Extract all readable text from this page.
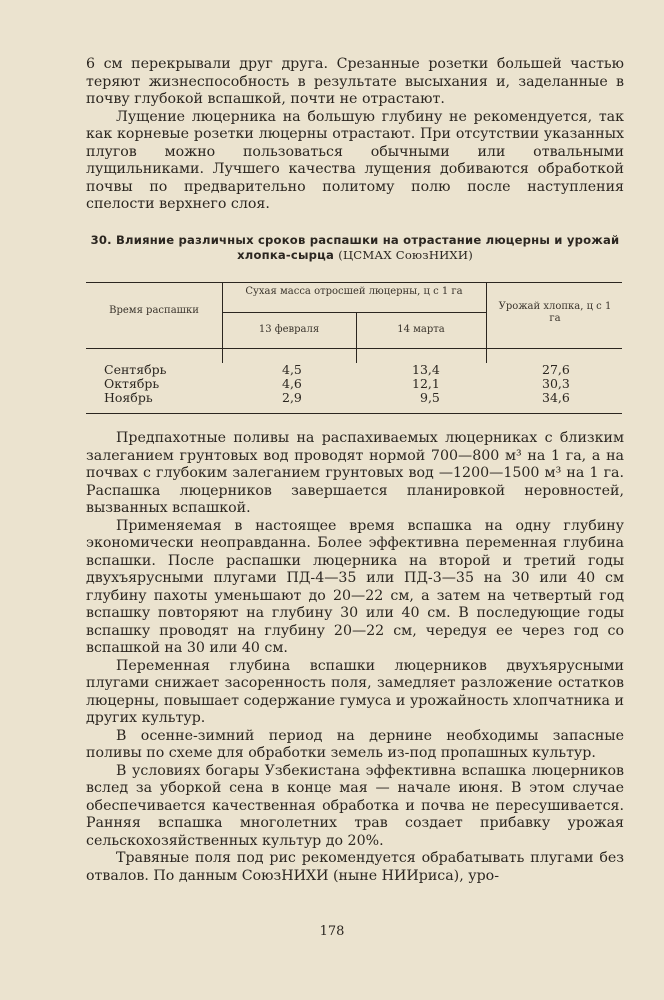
6 см перекрывали друг друга. Срезанные розетки большей частью теряют жизнеспособность в результате высыхания и, заделанные в почву глубокой вспашкой, почти не отрастают.

Лущение люцерника на большую глубину не рекомендуется, так как корневые розетки люцерны отрастают. При отсутствии указанных плугов можно пользоваться обычными или отвальными лущильниками. Лучшего качества лущения добиваются обработкой почвы по предварительно политому полю после наступления спелости верхнего слоя.

30. Влияние различных сроков распашки на отрастание люцерны и урожай хлопка-сырца (ЦСМАХ СоюзНИХИ)
Время распашки
Сухая масса отросшей люцерны, ц с 1 га
13 февраля	14 марта
Урожай хлопка, ц с 1 га
Сентябрь
Октябрь
Ноябрь
4,5
4,6
2,9
13,4
12,1
9,5
27,6
30,3
34,6

Предпахотные поливы на распахиваемых люцерниках с близким залеганием грунтовых вод проводят нормой 700—800 м³ на 1 га, а на почвах с глубоким залеганием грунтовых вод —1200—1500 м³ на 1 га. Распашка люцерников завершается планировкой неровностей, вызванных вспашкой.

Применяемая в настоящее время вспашка на одну глубину экономически неоправданна. Более эффективна переменная глубина вспашки. После распашки люцерника на второй и третий годы двухъярусными плугами ПД-4—35 или ПД-3—35 на 30 или 40 см глубину пахоты уменьшают до 20—22 см, а затем на четвертый год вспашку повторяют на глубину 30 или 40 см. В последующие годы вспашку проводят на глубину 20—22 см, чередуя ее через год со вспашкой на 30 или 40 см.

Переменная глубина вспашки люцерников двухъярусными плугами снижает засоренность поля, замедляет разложение остатков люцерны, повышает содержание гумуса и урожайность хлопчатника и других культур.

В осенне-зимний период на дернине необходимы запасные поливы по схеме для обработки земель из-под пропашных культур.

В условиях богары Узбекистана эффективна вспашка люцерников вслед за уборкой сена в конце мая — начале июня. В этом случае обеспечивается качественная обработка и почва не пересушивается. Ранняя вспашка многолетних трав создает прибавку урожая сельскохозяйственных культур до 20%.

Травяные поля под рис рекомендуется обрабатывать плугами без отвалов. По данным СоюзНИХИ (ныне НИИриса), уро-

178
